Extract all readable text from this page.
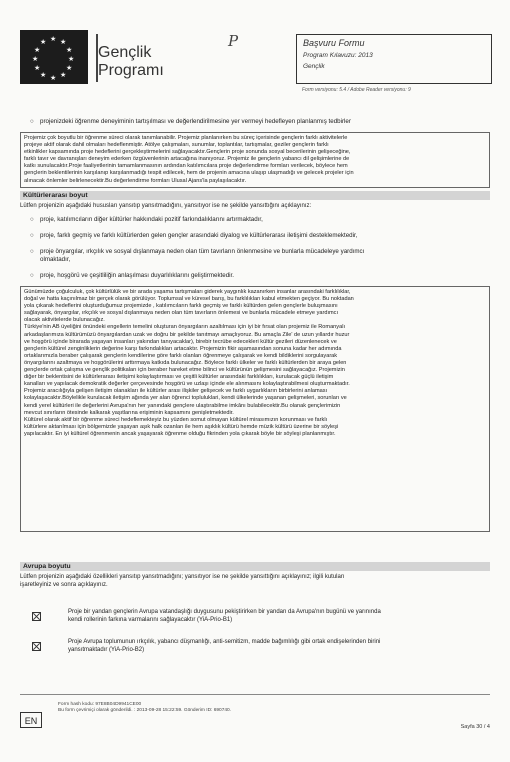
★ ★
★
★
★
★
★
★
★
★
★
★
Gençlik
Programı
P	Başvuru Formu
Program Kılavuzu: 2013
Gençlik
Form versiyonu: 5.4 / Adobe Reader versiyonu: 9
○ projenizdeki öğrenme deneyiminin tartışılması ve değerlendirilmesine yer vermeyi hedefleyen planlanmış tedbirler
Projemiz çok boyutlu bir öğrenme süreci olarak tanımlanabilir. Projemiz planlanırken bu süreç içerisinde gençlerin farklı aktivitelerle
projeye aktif olarak dahil olmaları hedeflenmiştir. Atölye çalışmaları, sunumlar, toplantılar, tartışmalar, geziler gençlerin farklı
etkinlikler kapsamında proje hedeflerini gerçekleştirmelerini sağlayacaktır.Gençlerin proje sonunda sosyal becerilerinin gelişeceğine,
farklı tavır ve davranışları deneyim ederken özgüvenlerinin artacağına inanıyoruz. Projemiz ile gençlerin yabancı dil gelişimlerine de
katkı sunulacaktır.Proje faaliyetlerinin tamamlanmasının ardından katılımcılara proje değerlendirme formları verilecek, böylece hem
gençlerin beklentilerinin karşılanıp karşılanmadığı tespit edilecek, hem de projenin amacına ulaşıp ulaşmadığı ve gelecek projeler için
alınacak önlemler belirlenecektir.Bu değerlendirme formları Ulusal Ajans'la paylaşılacaktır.
Kültürlerarası boyut
Lütfen projenizin aşağıdaki hususları yansıtıp yansıtmadığını, yansıtıyor ise ne şekilde yansıttığını açıklayınız:
○ proje, katılımcıların diğer kültürler hakkındaki pozitif farkındalıklarını artırmaktadır,
○ proje, farklı geçmiş ve farklı kültürlerden gelen gençler arasındaki diyalog ve kültürlerarası iletişimi desteklemektedir,
○ proje önyargılar, ırkçılık ve sosyal dışlanmaya neden olan tüm tavırların önlenmesine ve bunlarla mücadeleye yardımcı
olmaktadır,
○ proje, hoşgörü ve çeşitliliğin anlaşılması duyarlılıklarını geliştirmektedir.
Günümüzde çoğulculuk, çok kültürlülük ve bir arada yaşama tartışmaları giderek yaygınlık kazanırken insanlar arasındaki farklılıklar,
doğal ve hatta kaçınılmaz bir gerçek olarak görülüyor. Toplumsal ve küresel barış, bu farklılıkları kabul etmekten geçiyor. Bu noktadan
yola çıkarak hedeflerini oluşturduğumuz projemizde , katılımcıların farklı geçmiş ve farklı kültürden gelen gençlerle buluşmasını
sağlayarak, önyargılar, ırkçılık ve sosyal dışlanmaya neden olan tüm tavırların önlemesi ve bunlarla mücadele etmeye yardımcı
olacak aktivitelerde bulunacağız.
Türkiye'nin AB üyeliğini önündeki engellerin temelini oluşturan önyargıların azaltılması için iyi bir fırsat olan projemiz ile Romanyalı
arkadaşlarımıza kültürümüzü önyargılardan uzak ve doğru bir şekilde tanıtmayı amaçlıyoruz. Bu amaçla Zile' de uzun yıllardır huzur
ve hoşgörü içinde birarada yaşayan insanları yakından tanıyacaklar), birebir tecrübe edecekleri kültür gezileri düzenlenecek ve
gençlerin kültürel zenginliklerin değerine karşı farkındalıkları artacaktır. Projemizin fikir aşamasından sonuna kadar her adımında
ortaklarımızla beraber çalışarak gençlerin kendilerine göre farklı olanları öğrenmeye çalışarak ve kendi bildiklerini sorgulayarak
önyargılarını azaltmaya ve hoşgörülerini arttırmaya katkıda bulunacağız. Böylece farklı ülkeler ve farklı kültürlerden bir araya gelen
gençlerde ortak çalışma ve gençlik politikaları için beraber hareket etme bilinci ve kültürünün gelişmesini sağlayacağız. Projemizin
diğer bir beklentisini de kültürlerarası iletişimi kolaylaştırması ve çeşitli kültürler arasındaki farklılıkları, kurulacak güçlü iletişim
kanalları ve yapılacak demokratik değerler çerçevesinde hoşgörü ve uzlaşı içinde ele alınmasını kolaylaştırabilmesi oluşturmaktadır.
Projemiz aracılığıyla gelişen iletişim olanakları ile kültürler arası ilişkiler gelişecek ve farklı uygarlıkların birbirlerini anlaması
kolaylaşacaktır.Böylelikle kurulacak iletişim ağında yer alan öğrenci topluluklari, kendi ülkelerinde yaşanan gelişmeleri, sorunları ve
kendi yerel kültürleri ile değerlerini Avrupa'nın her yanındaki gençlere ulaştırabilme imkânı bulabilecektir.Bu olanak gençlerimizin
mevcut sınırların ötesinde kalkarak yaşıtlarına erişiminin kapsamını genişletmektedir.
Kültürel olarak aktif bir öğrenme süreci hedeflemekteyiz bu yüzden somut olmayan kültürel mirasımızın korunması ve farklı
kültürlere aktarılması için bölgemizde yaşayan aşık halk ozanları ile hem aşıklık kültürü hemde müzik kültürü üzerine bir söyleşi
yapılacaktır. En iyi kültürel öğrenmenin ancak yaşayarak öğrenme olduğu fikrinden yola çıkarak böyle bir söyleşi planlanmıştır.
Avrupa boyutu
Lütfen projenizin aşağıdaki özellikleri yansıtıp yansıtmadığını; yansıtıyor ise ne şekilde yansıttığını açıklayınız; ilgili kutuları
işaretleyiniz ve sonra açıklayınız.
Proje bir yandan gençlerin Avrupa vatandaşlığı duygusunu pekiştirirken bir yandan da Avrupa'nın bugünü ve yarınında
kendi rollerinin farkına varmalarını sağlayacaktır (YiA-Prio-B1)
Proje Avrupa toplumunun ırkçılık, yabancı düşmanlığı, anti-semitizm, madde bağımlılığı gibi ortak endişelerinden birini
yansıtmaktadır (YiA-Prio-B2)
Form hash kodu: 97E8B04D9941CE00
Bu form çevrimiçi olarak gönderildi. : 2013-09-28 15:22:59. Gönderim ID: 690740.
EN
Sayfa 30 / 4
